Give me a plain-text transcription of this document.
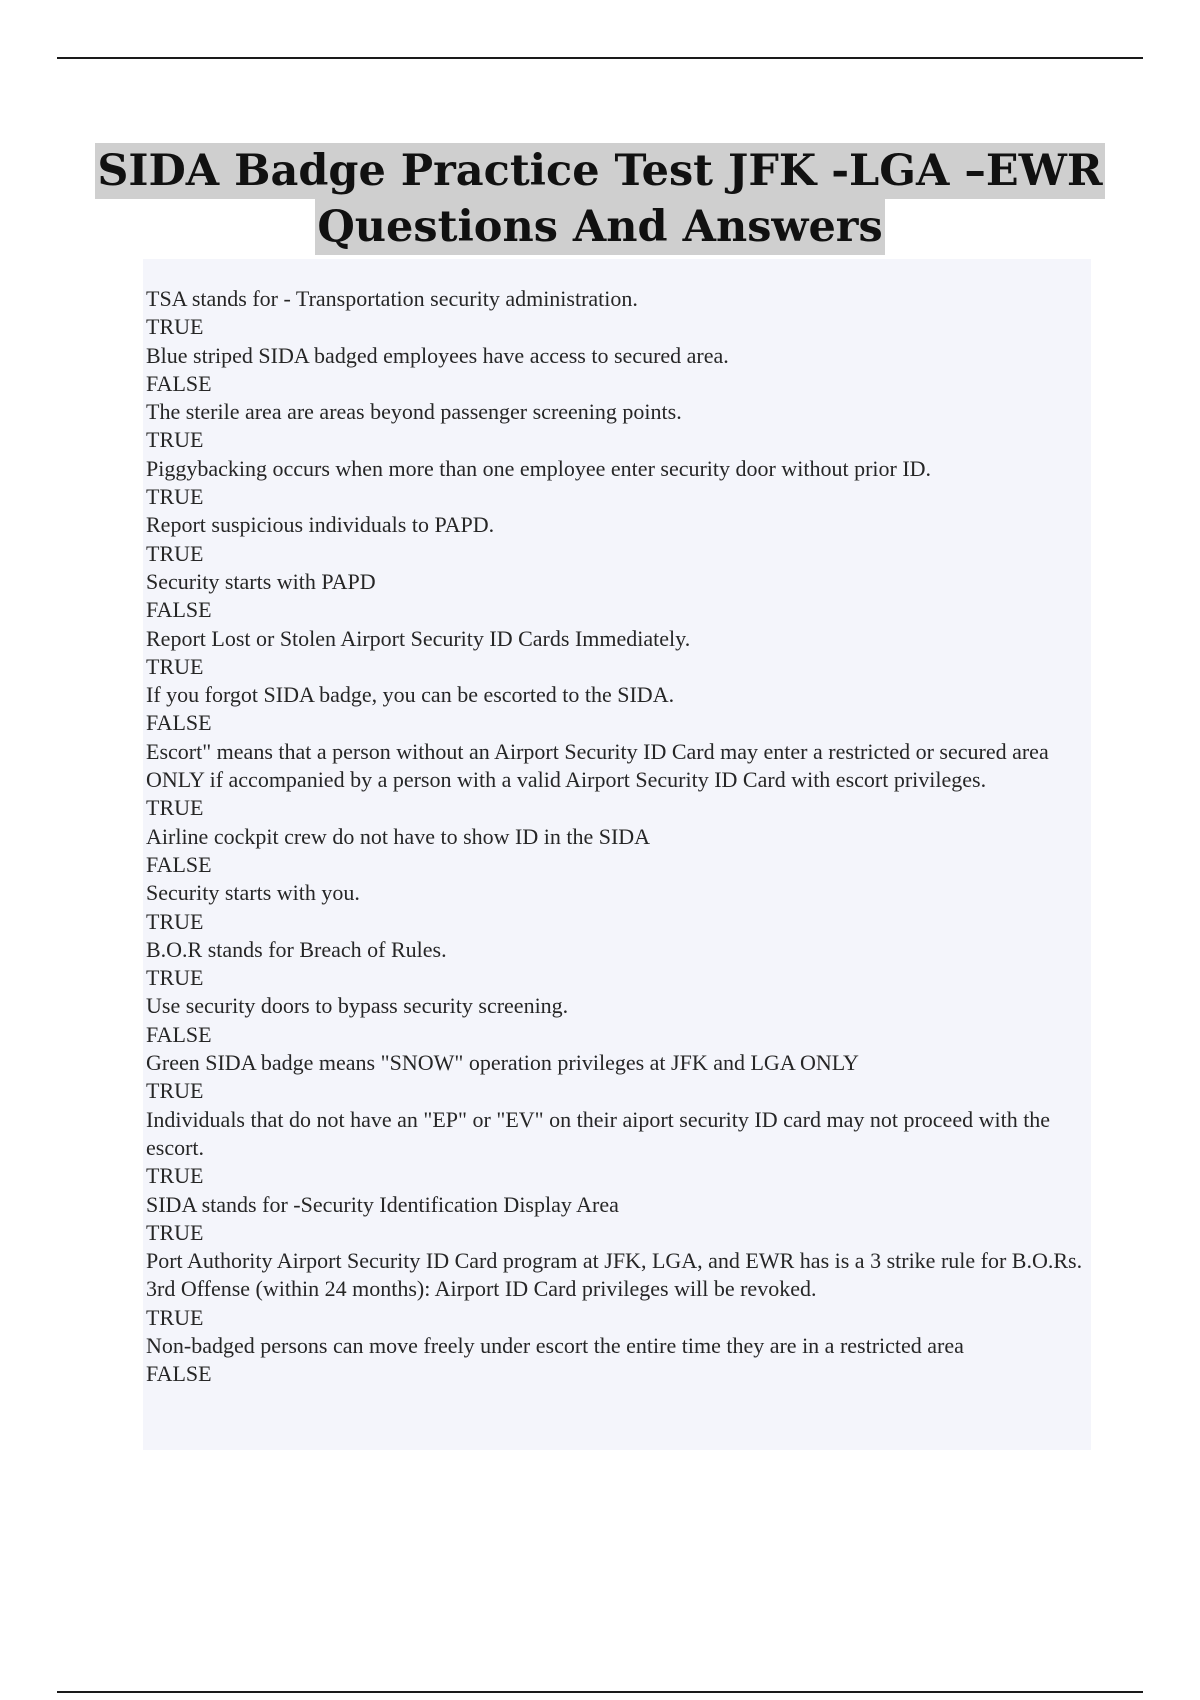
SIDA Badge Practice Test JFK -LGA –EWR
Questions And Answers
TSA stands for - Transportation security administration.
TRUE
Blue striped SIDA badged employees have access to secured area.
FALSE
The sterile area are areas beyond passenger screening points.
TRUE
Piggybacking occurs when more than one employee enter security door without prior ID.
TRUE
Report suspicious individuals to PAPD.
TRUE
Security starts with PAPD
FALSE
Report Lost or Stolen Airport Security ID Cards Immediately.
TRUE
If you forgot SIDA badge, you can be escorted to the SIDA.
FALSE
Escort" means that a person without an Airport Security ID Card may enter a restricted or secured area ONLY if accompanied by a person with a valid Airport Security ID Card with escort privileges.
TRUE
Airline cockpit crew do not have to show ID in the SIDA
FALSE
Security starts with you.
TRUE
B.O.R stands for Breach of Rules.
TRUE
Use security doors to bypass security screening.
FALSE
Green SIDA badge means "SNOW" operation privileges at JFK and LGA ONLY
TRUE
Individuals that do not have an "EP" or "EV" on their aiport security ID card may not proceed with the escort.
TRUE
SIDA stands for -Security Identification Display Area
TRUE
Port Authority Airport Security ID Card program at JFK, LGA, and EWR has is a 3 strike rule for B.O.Rs. 3rd Offense (within 24 months): Airport ID Card privileges will be revoked.
TRUE
Non-badged persons can move freely under escort the entire time they are in a restricted area
FALSE
